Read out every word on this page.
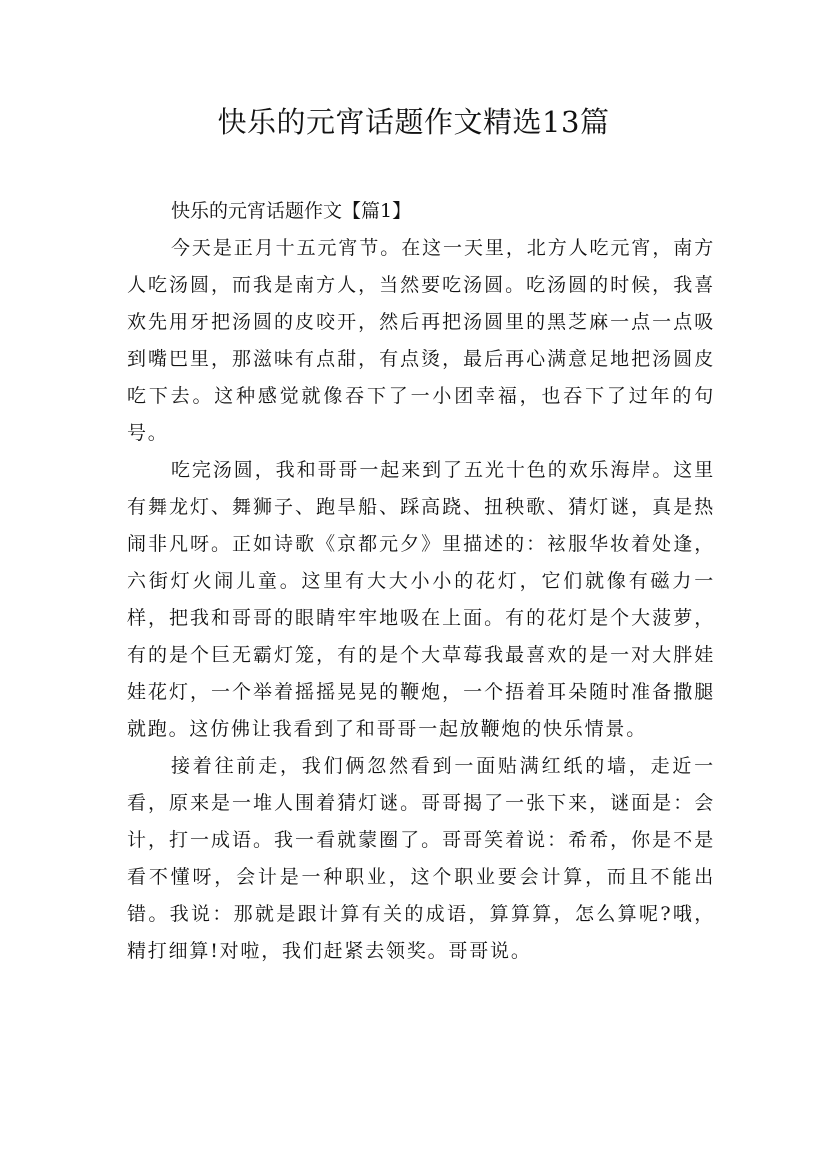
快乐的元宵话题作文精选13篇

快乐的元宵话题作文【篇1】

今天是正月十五元宵节。在这一天里，北方人吃元宵，南方人吃汤圆，而我是南方人，当然要吃汤圆。吃汤圆的时候，我喜欢先用牙把汤圆的皮咬开，然后再把汤圆里的黑芝麻一点一点吸到嘴巴里，那滋味有点甜，有点烫，最后再心满意足地把汤圆皮吃下去。这种感觉就像吞下了一小团幸福，也吞下了过年的句号。

吃完汤圆，我和哥哥一起来到了五光十色的欢乐海岸。这里有舞龙灯、舞狮子、跑旱船、踩高跷、扭秧歌、猜灯谜，真是热闹非凡呀。正如诗歌《京都元夕》里描述的：袨服华妆着处逢，六街灯火闹儿童。这里有大大小小的花灯，它们就像有磁力一样，把我和哥哥的眼睛牢牢地吸在上面。有的花灯是个大菠萝，有的是个巨无霸灯笼，有的是个大草莓我最喜欢的是一对大胖娃娃花灯，一个举着摇摇晃晃的鞭炮，一个捂着耳朵随时准备撒腿就跑。这仿佛让我看到了和哥哥一起放鞭炮的快乐情景。

接着往前走，我们俩忽然看到一面贴满红纸的墙，走近一看，原来是一堆人围着猜灯谜。哥哥揭了一张下来，谜面是：会计，打一成语。我一看就蒙圈了。哥哥笑着说：希希，你是不是看不懂呀，会计是一种职业，这个职业要会计算，而且不能出错。我说：那就是跟计算有关的成语，算算算，怎么算呢?哦，精打细算!对啦，我们赶紧去领奖。哥哥说。
